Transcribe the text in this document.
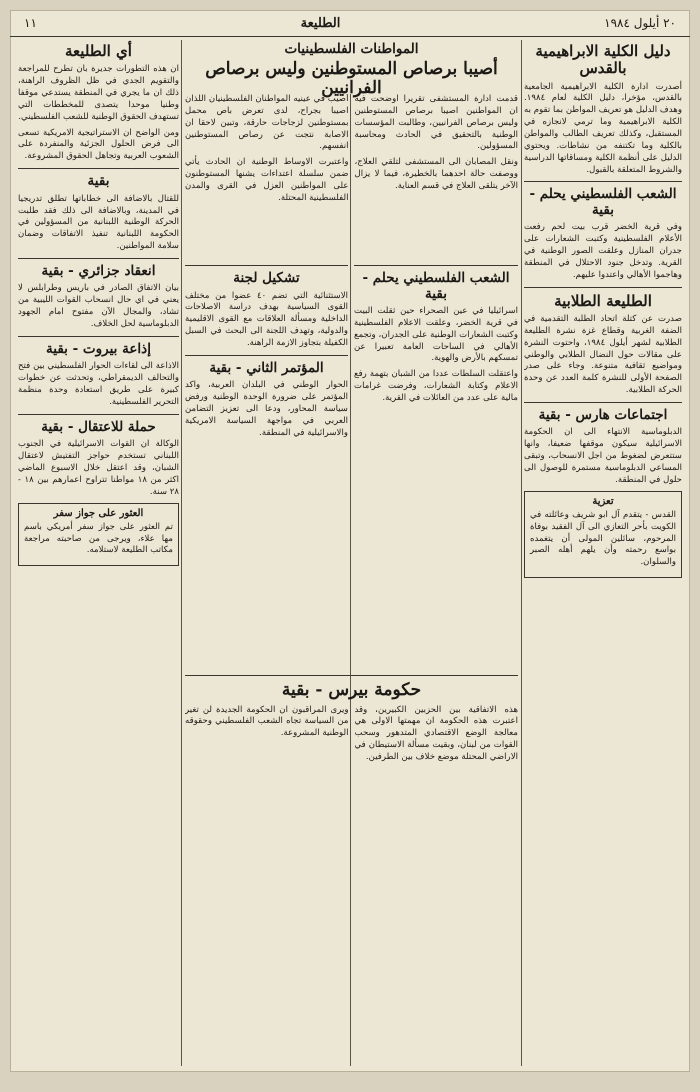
٢٠ أيلول ١٩٨٤
الطليعة
١١
دليل الكلية الابراهيمية بالقدس

أصدرت ادارة الكلية الابراهيمية الجامعية بالقدس، مؤخرا، دليل الكلية لعام ١٩٨٤. وهدف الدليل هو تعريف المواطن بما تقوم به الكلية الابراهيمية وما ترمي لانجازه في المستقبل، وكذلك تعريف الطالب والمواطن بالكلية وما تكتنفه من نشاطات. ويحتوي الدليل على أنظمة الكلية ومساقاتها الدراسية والشروط المتعلقة بالقبول.

الشعب الفلسطيني يحلم - بقية

وفي قرية الخضر قرب بيت لحم رفعت الأعلام الفلسطينية وكتبت الشعارات على جدران المنازل وعلقت الصور الوطنية في القرية. وتدخل جنود الاحتلال في المنطقة وهاجموا الأهالي واعتدوا عليهم.

الطليعة الطلابية

صدرت عن كتلة اتحاد الطلبة التقدمية في الضفة الغربية وقطاع غزة نشرة الطليعة الطلابية لشهر أيلول ١٩٨٤، واحتوت النشرة على مقالات حول النضال الطلابي والوطني ومواضيع ثقافية متنوعة. وجاء على صدر الصفحة الأولى للنشرة كلمة العدد عن وحدة الحركة الطلابية.

اجتماعات هارس - بقية

الدبلوماسية الانتهاء الى ان الحكومة الاسرائيلية سيكون موقفها ضعيفا، وانها ستتعرض لضغوط من اجل الانسحاب، وتبقى المساعي الدبلوماسية مستمرة للوصول الى حلول في المنطقة.

تعزية

القدس - يتقدم آل ابو شريف وعائلته في الكويت بأحر التعازي الى آل الفقيد بوفاة المرحوم، سائلين المولى أن يتغمده بواسع رحمته وأن يلهم أهله الصبر والسلوان.

المواطنات الفلسطينيات
أصيبا برصاص المستوطنين وليس برصاص الفرانيين

قدمت ادارة المستشفى تقريرا اوضحت فيه ان المواطنين اصيبا برصاص المستوطنين وليس برصاص الفرانيين، وطالبت المؤسسات الوطنية بالتحقيق في الحادث ومحاسبة المسؤولين.

ونقل المصابان الى المستشفى لتلقي العلاج، ووصفت حالة احدهما بالخطيرة، فيما لا يزال الآخر يتلقى العلاج في قسم العناية.

أصيب في عينيه المواطنان الفلسطينيان اللذان اصيبا بجراح، لدى تعرض باص محمل بمستوطنين لزجاجات حارقة، وتبين لاحقا ان الاصابة نتجت عن رصاص المستوطنين انفسهم.

واعتبرت الاوساط الوطنية ان الحادث يأتي ضمن سلسلة اعتداءات يشنها المستوطنون على المواطنين العزل في القرى والمدن الفلسطينية المحتلة.

الشعب الفلسطيني يحلم - بقية

اسرائيليا في عين الصحراء حين ثقلت البيت في قرية الخضر، وعلقت الاعلام الفلسطينية وكتبت الشعارات الوطنية على الجدران، وتجمع الأهالي في الساحات العامة تعبيرا عن تمسكهم بالأرض والهوية.

واعتقلت السلطات عددا من الشبان بتهمة رفع الاعلام وكتابة الشعارات، وفرضت غرامات مالية على عدد من العائلات في القرية.

تشكيل لجنة

الاستثنائية التي تضم ٤٠ عضوا من مختلف القوى السياسية بهدف دراسة الاصلاحات الداخلية ومسألة العلاقات مع القوى الاقليمية والدولية، وتهدف اللجنة الى البحث في السبل الكفيلة بتجاوز الازمة الراهنة.

المؤتمر الثاني - بقية

الحوار الوطني في البلدان العربية، واكد المؤتمر على ضرورة الوحدة الوطنية ورفض سياسة المحاور، ودعا الى تعزيز التضامن العربي في مواجهة السياسة الامريكية والاسرائيلية في المنطقة.

حكومة بيرس - بقية

هذه الاتفاقية بين الحزبين الكبيرين، وقد اعتبرت هذه الحكومة ان مهمتها الاولى هي معالجة الوضع الاقتصادي المتدهور وسحب القوات من لبنان، وبقيت مسألة الاستيطان في الاراضي المحتلة موضع خلاف بين الطرفين.

ويرى المراقبون ان الحكومة الجديدة لن تغير من السياسة تجاه الشعب الفلسطيني وحقوقه الوطنية المشروعة.

أي الطليعة

ان هذه التطورات جديرة بان تطرح للمراجعة والتقويم الجدي في ظل الظروف الراهنة، ذلك ان ما يجري في المنطقة يستدعي موقفا وطنيا موحدا يتصدى للمخططات التي تستهدف الحقوق الوطنية للشعب الفلسطيني.

ومن الواضح ان الاستراتيجية الامريكية تسعى الى فرض الحلول الجزئية والمنفردة على الشعوب العربية وتجاهل الحقوق المشروعة.

بقية

للقتال بالاضافة الى خطاباتها تطلق تدريجيا في المدينة، وبالاضافة الى ذلك فقد طلبت الحركة الوطنية اللبنانية من المسؤولين في الحكومة اللبنانية تنفيذ الاتفاقات وضمان سلامة المواطنين.

انعقاد جزائري - بقية

بيان الاتفاق الصادر في باريس وطرابلس لا يعني في اي حال انسحاب القوات الليبية من تشاد، والمجال الآن مفتوح امام الجهود الدبلوماسية لحل الخلاف.

إذاعة بيروت - بقية

الاذاعة الى لقاءات الحوار الفلسطيني بين فتح والتحالف الديمقراطي، وتحدثت عن خطوات كبيرة على طريق استعادة وحدة منظمة التحرير الفلسطينية.

حملة للاعتقال - بقية

الوكالة ان القوات الاسرائيلية في الجنوب اللبناني تستخدم حواجز التفتيش لاعتقال الشبان، وقد اعتقل خلال الاسبوع الماضي اكثر من ١٨ مواطنا تتراوح اعمارهم بين ١٨ - ٢٨ سنة.

العثور على جواز سفر

تم العثور على جواز سفر أمريكي باسم مها علاء، ويرجى من صاحبته مراجعة مكاتب الطليعة لاستلامه.
